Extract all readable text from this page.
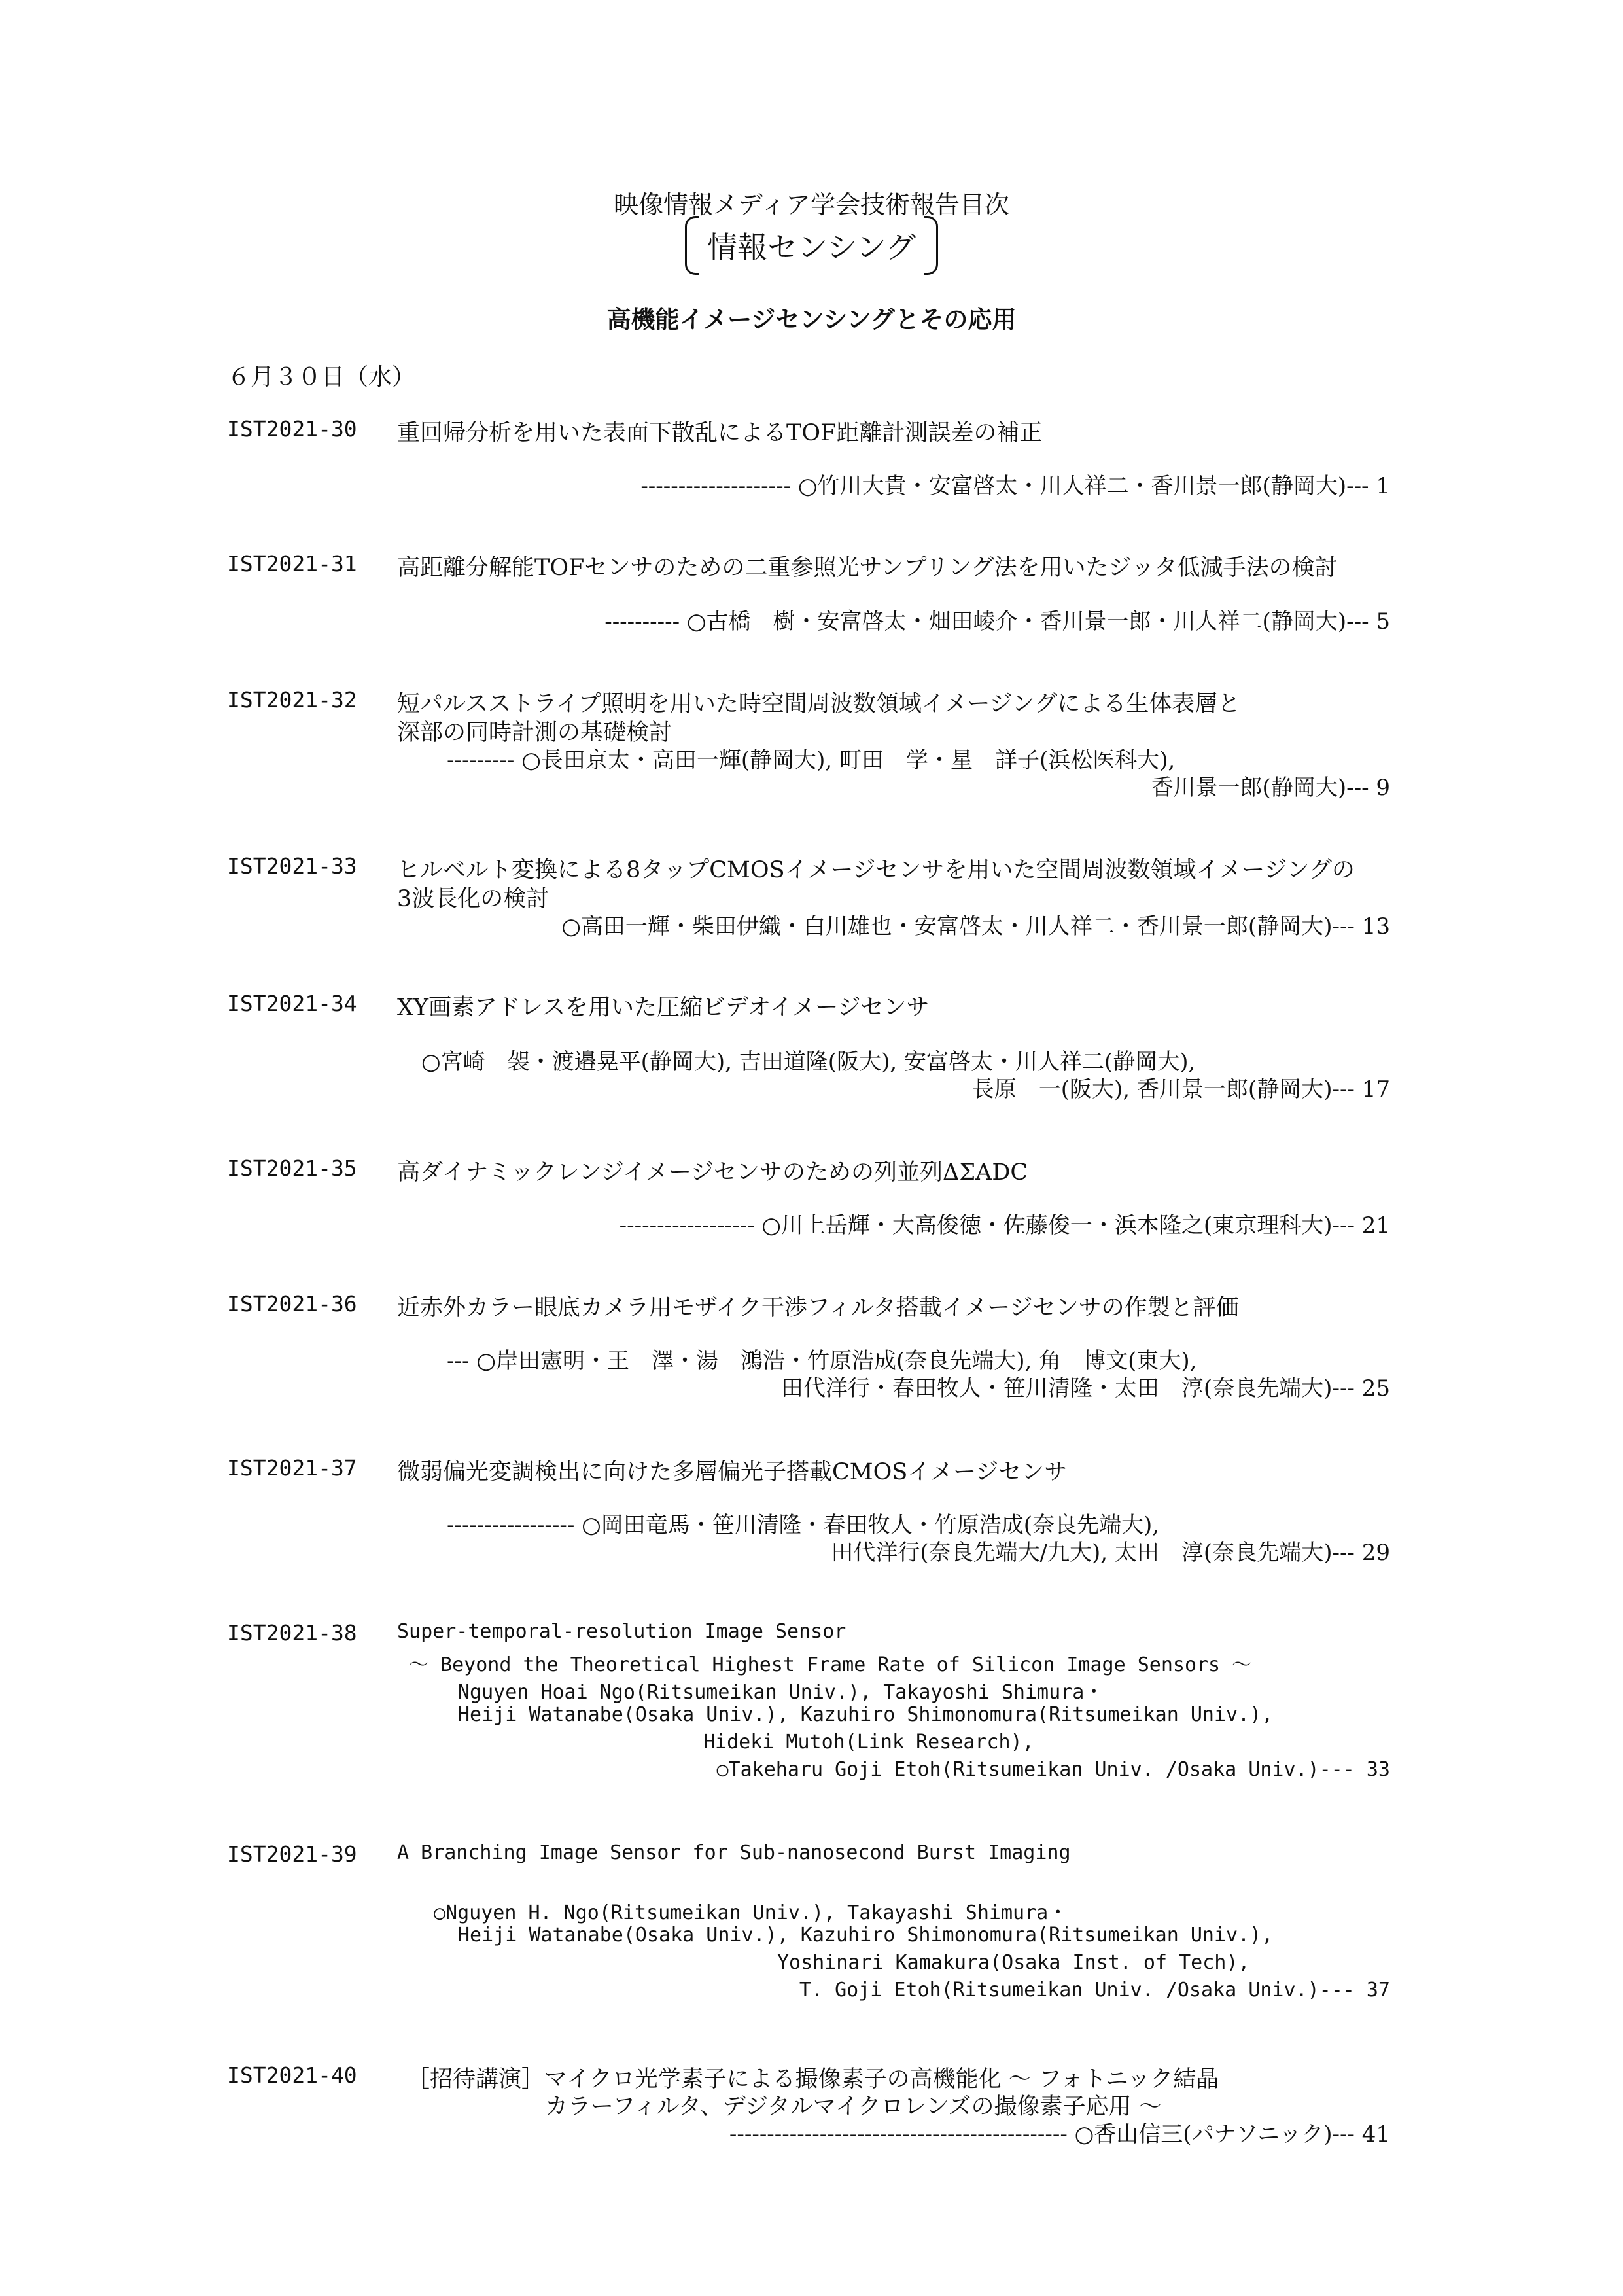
映像情報メディア学会技術報告目次
情報センシング
高機能イメージセンシングとその応用
６月３０日（水）
IST2021-30 重回帰分析を用いた表面下散乱によるTOF距離計測誤差の補正
-------------------- ○竹川大貴・安富啓太・川人祥二・香川景一郎(静岡大)--- 1
IST2021-31 高距離分解能TOFセンサのための二重参照光サンプリング法を用いたジッタ低減手法の検討
---------- ○古橋　樹・安富啓太・畑田崚介・香川景一郎・川人祥二(静岡大)--- 5
IST2021-32 短パルスストライプ照明を用いた時空間周波数領域イメージングによる生体表層と
深部の同時計測の基礎検討
--------- ○長田京太・高田一輝(静岡大), 町田　学・星　詳子(浜松医科大),
香川景一郎(静岡大)--- 9
IST2021-33 ヒルベルト変換による8タップCMOSイメージセンサを用いた空間周波数領域イメージングの
3波長化の検討
○高田一輝・柴田伊織・白川雄也・安富啓太・川人祥二・香川景一郎(静岡大)--- 13
IST2021-34 XY画素アドレスを用いた圧縮ビデオイメージセンサ
○宮崎　袈・渡邉晃平(静岡大), 吉田道隆(阪大), 安富啓太・川人祥二(静岡大),
長原　一(阪大), 香川景一郎(静岡大)--- 17
IST2021-35 高ダイナミックレンジイメージセンサのための列並列ΔΣADC
------------------ ○川上岳輝・大高俊徳・佐藤俊一・浜本隆之(東京理科大)--- 21
IST2021-36 近赤外カラー眼底カメラ用モザイク干渉フィルタ搭載イメージセンサの作製と評価
--- ○岸田憲明・王　澤・湯　鴻浩・竹原浩成(奈良先端大), 角　博文(東大),
田代洋行・春田牧人・笹川清隆・太田　淳(奈良先端大)--- 25
IST2021-37 微弱偏光変調検出に向けた多層偏光子搭載CMOSイメージセンサ
----------------- ○岡田竜馬・笹川清隆・春田牧人・竹原浩成(奈良先端大),
田代洋行(奈良先端大/九大), 太田　淳(奈良先端大)--- 29
IST2021-38 Super-temporal-resolution Image Sensor
～ Beyond the Theoretical Highest Frame Rate of Silicon Image Sensors ～
Nguyen Hoai Ngo(Ritsumeikan Univ.), Takayoshi Shimura・
Heiji Watanabe(Osaka Univ.), Kazuhiro Shimonomura(Ritsumeikan Univ.),
Hideki Mutoh(Link Research),
○Takeharu Goji Etoh(Ritsumeikan Univ. /Osaka Univ.)--- 33
IST2021-39 A Branching Image Sensor for Sub-nanosecond Burst Imaging
○Nguyen H. Ngo(Ritsumeikan Univ.), Takayashi Shimura・
Heiji Watanabe(Osaka Univ.), Kazuhiro Shimonomura(Ritsumeikan Univ.),
Yoshinari Kamakura(Osaka Inst. of Tech),
T. Goji Etoh(Ritsumeikan Univ. /Osaka Univ.)--- 37
IST2021-40 ［招待講演］マイクロ光学素子による撮像素子の高機能化 ～ フォトニック結晶
カラーフィルタ、デジタルマイクロレンズの撮像素子応用 ～
--------------------------------------------- ○香山信三(パナソニック)--- 41
